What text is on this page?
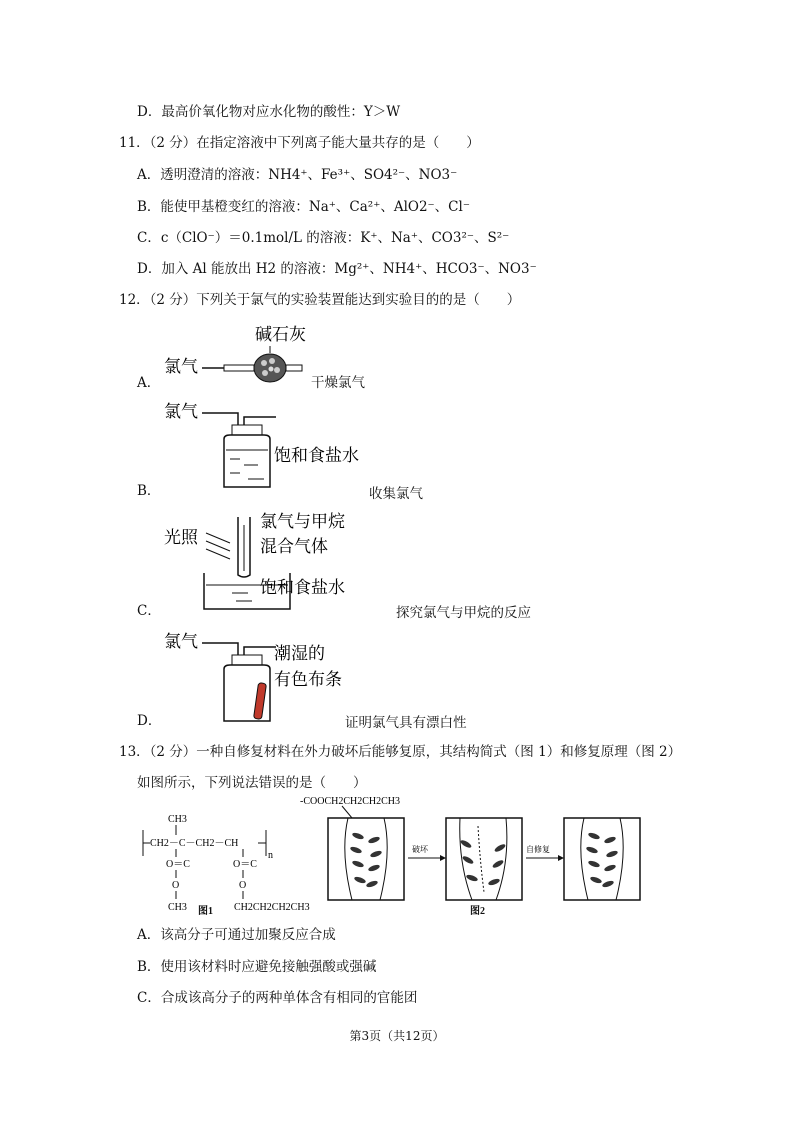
D．最高价氧化物对应水化物的酸性：Y＞W
11．（2 分）在指定溶液中下列离子能大量共存的是（　　）
A．透明澄清的溶液：NH4⁺、Fe³⁺、SO4²⁻、NO3⁻
B．能使甲基橙变红的溶液：Na⁺、Ca²⁺、AlO2⁻、Cl⁻
C．c（ClO⁻）＝0.1mol/L 的溶液：K⁺、Na⁺、CO3²⁻、S²⁻
D．加入 Al 能放出 H2 的溶液：Mg²⁺、NH4⁺、HCO3⁻、NO3⁻
12．（2 分）下列关于氯气的实验装置能达到实验目的的是（　　）
A．
碱石灰
氯气
干燥氯气
B．
氯气
饱和食盐水
收集氯气
C．
光照
氯气与甲烷
混合气体
饱和食盐水
探究氯气与甲烷的反应
D．
氯气
潮湿的
有色布条
证明氯气具有漂白性
13．（2 分）一种自修复材料在外力破坏后能够复原，其结构简式（图 1）和修复原理（图 2）
如图所示，下列说法错误的是（　　）
CH3
CH2－C－CH2－CH
n
O＝C	O＝C
O	O
CH3	CH2CH2CH2CH3
图1
-COOCH2CH2CH2CH3
破坏	自修复
图2
A．该高分子可通过加聚反应合成
B．使用该材料时应避免接触强酸或强碱
C．合成该高分子的两种单体含有相同的官能团
第3页（共12页）
